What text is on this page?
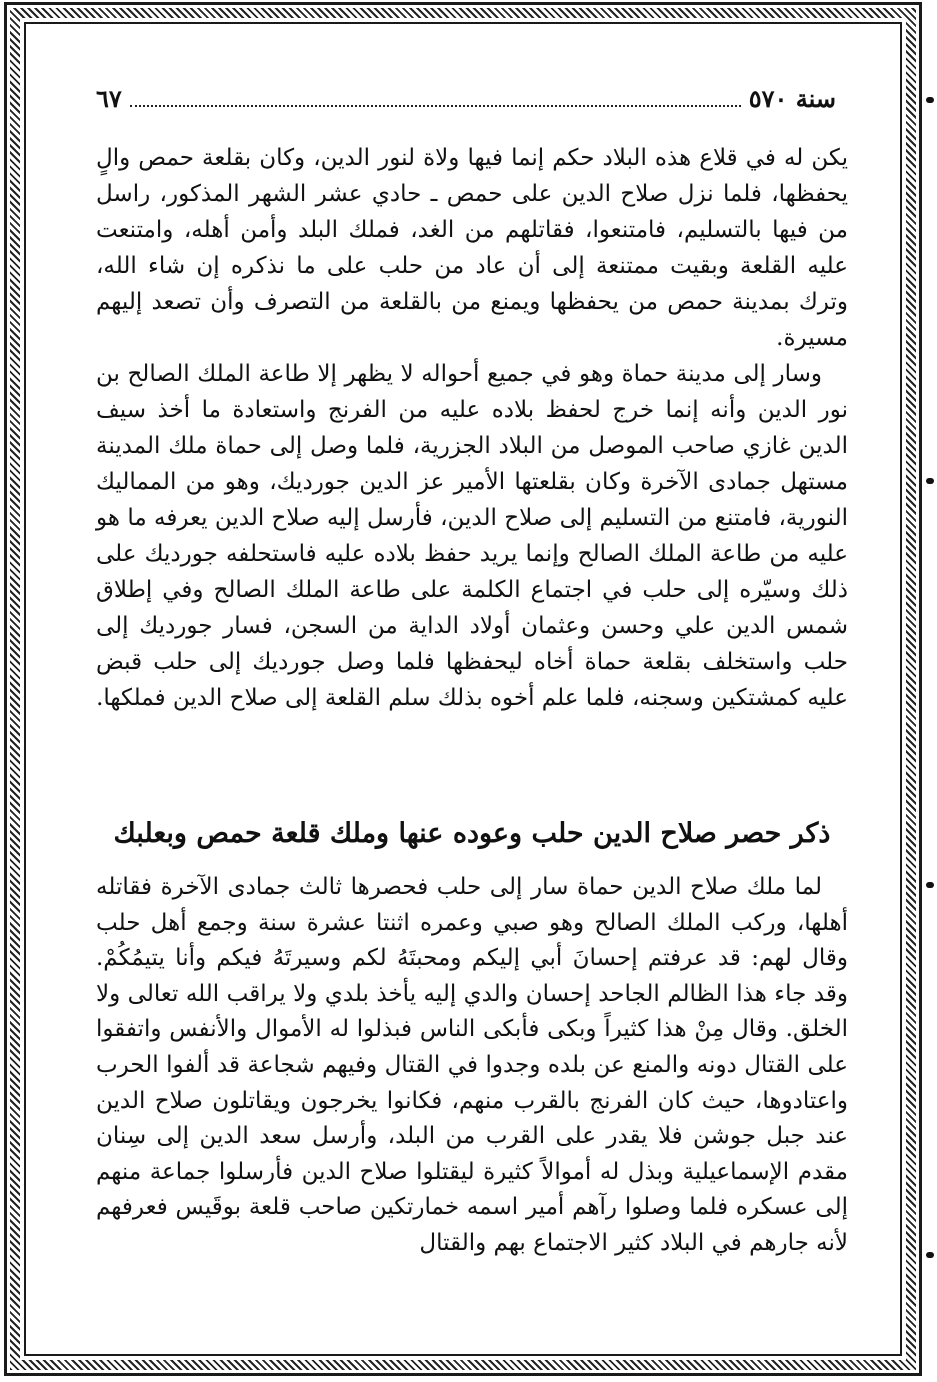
سنة ٥٧٠
٦٧

يكن له في قلاع هذه البلاد حكم إنما فيها ولاة لنور الدين، وكان بقلعة حمص والٍ يحفظها، فلما نزل صلاح الدين على حمص ـ حادي عشر الشهر المذكور، راسل من فيها بالتسليم، فامتنعوا، فقاتلهم من الغد، فملك البلد وأمن أهله، وامتنعت عليه القلعة وبقيت ممتنعة إلى أن عاد من حلب على ما نذكره إن شاء الله، وترك بمدينة حمص من يحفظها ويمنع من بالقلعة من التصرف وأن تصعد إليهم مسيرة.

وسار إلى مدينة حماة وهو في جميع أحواله لا يظهر إلا طاعة الملك الصالح بن نور الدين وأنه إنما خرج لحفظ بلاده عليه من الفرنج واستعادة ما أخذ سيف الدين غازي صاحب الموصل من البلاد الجزرية، فلما وصل إلى حماة ملك المدينة مستهل جمادى الآخرة وكان بقلعتها الأمير عز الدين جورديك، وهو من المماليك النورية، فامتنع من التسليم إلى صلاح الدين، فأرسل إليه صلاح الدين يعرفه ما هو عليه من طاعة الملك الصالح وإنما يريد حفظ بلاده عليه فاستحلفه جورديك على ذلك وسيّره إلى حلب في اجتماع الكلمة على طاعة الملك الصالح وفي إطلاق شمس الدين علي وحسن وعثمان أولاد الداية من السجن، فسار جورديك إلى حلب واستخلف بقلعة حماة أخاه ليحفظها فلما وصل جورديك إلى حلب قبض عليه كمشتكين وسجنه، فلما علم أخوه بذلك سلم القلعة إلى صلاح الدين فملكها.

ذكر حصر صلاح الدين حلب وعوده عنها وملك قلعة حمص وبعلبك

لما ملك صلاح الدين حماة سار إلى حلب فحصرها ثالث جمادى الآخرة فقاتله أهلها، وركب الملك الصالح وهو صبي وعمره اثنتا عشرة سنة وجمع أهل حلب وقال لهم: قد عرفتم إحسانَ أبي إليكم ومحبتَهُ لكم وسيرتَهُ فيكم وأنا يتيمُكُمْ. وقد جاء هذا الظالم الجاحد إحسان والدي إليه يأخذ بلدي ولا يراقب الله تعالى ولا الخلق. وقال مِنْ هذا كثيراً وبكى فأبكى الناس فبذلوا له الأموال والأنفس واتفقوا على القتال دونه والمنع عن بلده وجدوا في القتال وفيهم شجاعة قد ألفوا الحرب واعتادوها، حيث كان الفرنج بالقرب منهم، فكانوا يخرجون ويقاتلون صلاح الدين عند جبل جوشن فلا يقدر على القرب من البلد، وأرسل سعد الدين إلى سِنان مقدم الإسماعيلية وبذل له أموالاً كثيرة ليقتلوا صلاح الدين فأرسلوا جماعة منهم إلى عسكره فلما وصلوا رآهم أمير اسمه خمارتكين صاحب قلعة بوقَيس فعرفهم لأنه جارهم في البلاد كثير الاجتماع بهم والقتال
